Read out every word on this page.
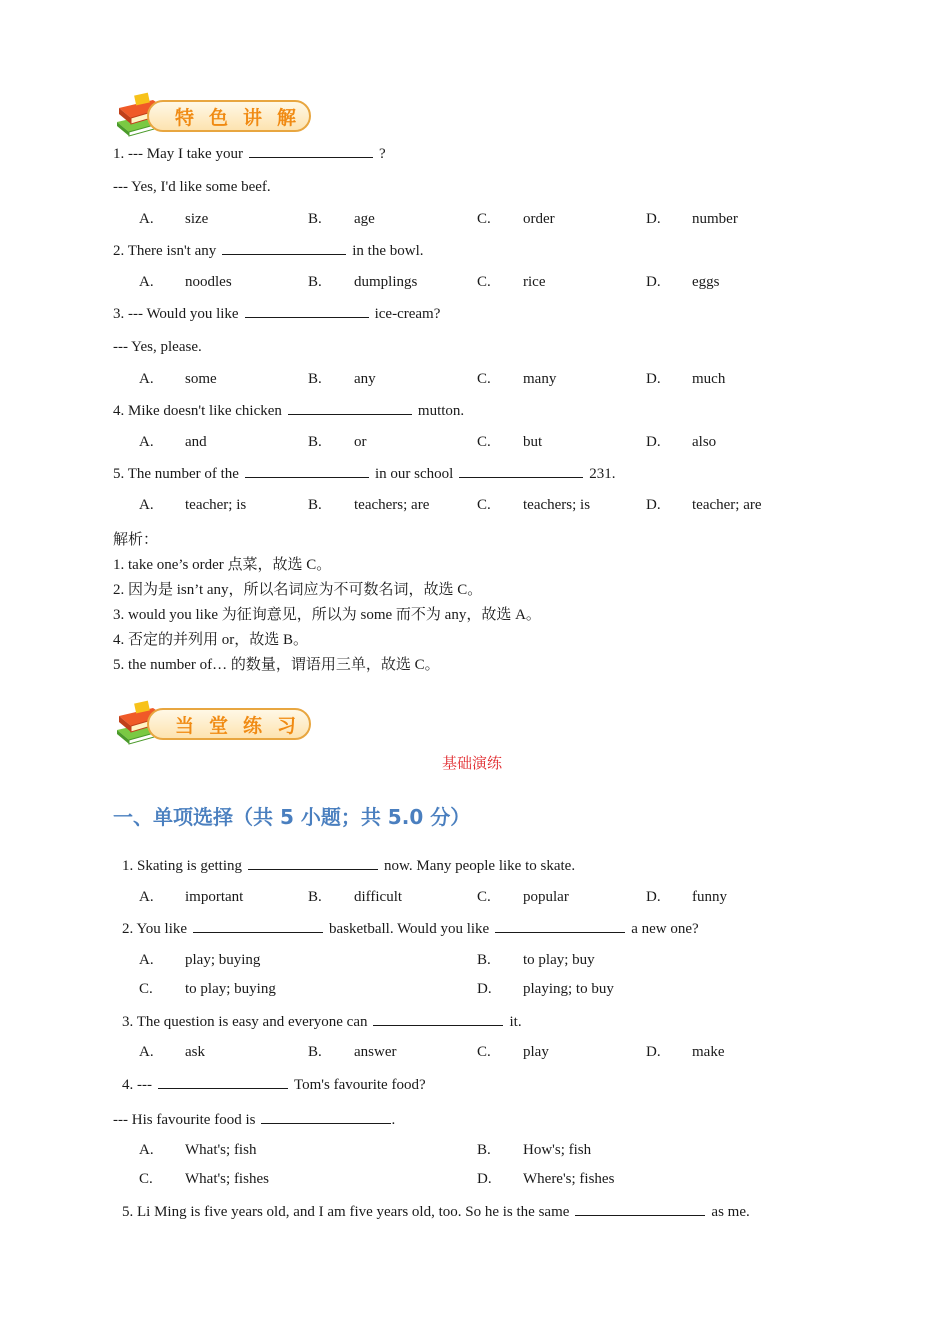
特 色 讲 解
1. --- May I take your	?
--- Yes, I'd like some beef.
A. size	B. age	C. order	D. number
2. There isn't any	in the bowl.
A. noodles	B. dumplings	C. rice	D. eggs
3. --- Would you like	ice-cream?
--- Yes, please.
A. some	B. any	C. many	D. much
4. Mike doesn't like chicken	mutton.
A. and	B. or	C. but	D. also
5. The number of the	in our school	231.
A. teacher; is	B. teachers; are	C. teachers; is	D. teacher; are
解析：
1. take one’s order 点菜，故选 C。
2. 因为是 isn’t any，所以名词应为不可数名词，故选 C。
3. would you like 为征询意见，所以为 some 而不为 any，故选 A。
4. 否定的并列用 or，故选 B。
5. the number of… 的数量，谓语用三单，故选 C。
当 堂 练 习
基础演练
一、单项选择（共 5 小题；共 5.0 分）
1. Skating is getting	now. Many people like to skate.
A. important	B. difficult	C. popular	D. funny
2. You like	basketball. Would you like	a new one?
A. play; buying	B. to play; buy
C. to play; buying	D. playing; to buy
3. The question is easy and everyone can	it.
A. ask	B. answer	C. play	D. make
4. ---	Tom's favourite food?
--- His favourite food is	.
A. What's; fish	B. How's; fish
C. What's; fishes	D. Where's; fishes
5. Li Ming is five years old, and I am five years old, too. So he is the same	as me.
